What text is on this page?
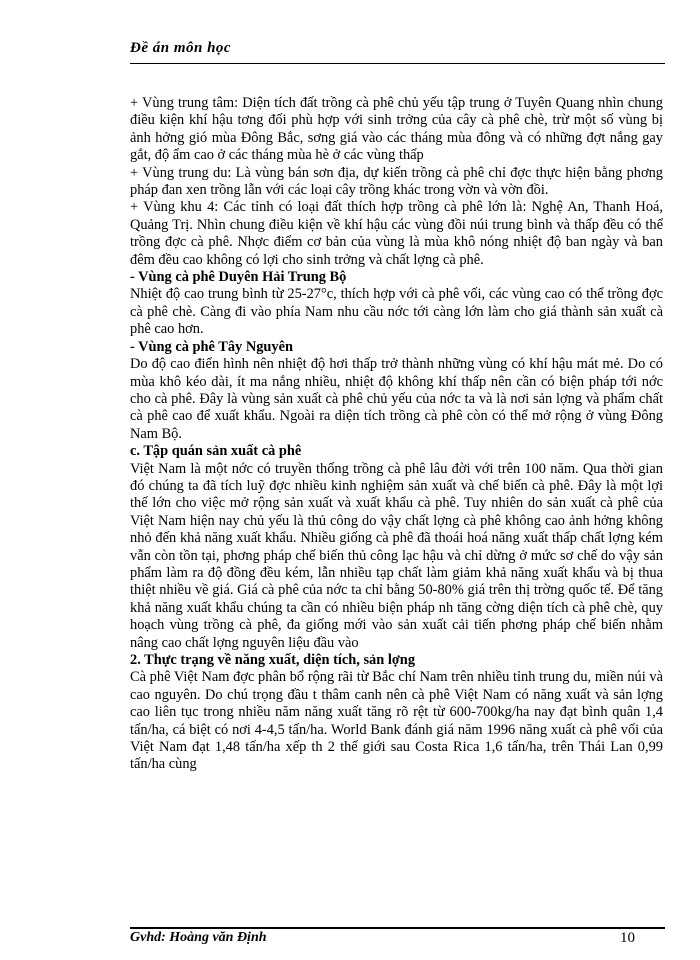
Đề án môn học

+ Vùng trung tâm: Diện tích đất trồng cà phê chủ yếu tập trung ở Tuyên Quang nhìn chung điều kiện khí hậu tơng đối phù hợp với sinh trởng của cây cà phê chè, trừ một số vùng bị ảnh hởng gió mùa Đông Bắc, sơng giá vào các tháng mùa đông và có những đợt nắng gay gắt, độ ẩm cao ở các tháng mùa hè ở các vùng thấp

+ Vùng trung du: Là vùng bán sơn địa, dự kiến trồng cà phê chỉ đợc thực hiện bằng phơng pháp đan xen trồng lẫn với các loại cây trồng khác trong vờn và vờn đồi.

+ Vùng khu 4: Các tỉnh có loại đất thích hợp trồng cà phê lớn là: Nghệ An, Thanh Hoá, Quảng Trị. Nhìn chung điều kiện về khí hậu các vùng đồi núi trung bình và thấp đều có thể trồng đợc cà phê. Nhợc điểm cơ bản của vùng là mùa khô nóng nhiệt độ ban ngày và ban đêm đều cao không có lợi cho sinh trởng và chất lợng cà phê.

- Vùng cà phê Duyên Hải Trung Bộ

Nhiệt độ cao trung bình từ 25-27°c, thích hợp với cà phê vối, các vùng cao có thể trồng đợc cà phê chè. Càng đi vào phía Nam nhu cầu nớc tới càng lớn làm cho giá thành sản xuất cà phê cao hơn.

- Vùng cà phê Tây Nguyên

Do độ cao điển hình nên nhiệt độ hơi thấp trở thành những vùng có khí hậu mát mẻ. Do có mùa khô kéo dài, ít ma nắng nhiều, nhiệt độ không khí thấp nên cần có biện pháp tới nớc cho cà phê. Đây là vùng sản xuất cà phê chủ yếu của nớc ta và là nơi sản lợng và phẩm chất cà phê cao để xuất khẩu. Ngoài ra diện tích trồng cà phê còn có thể mở rộng ở vùng Đông Nam Bộ.

c. Tập quán sản xuất cà phê

Việt Nam là một nớc có truyền thống trồng cà phê lâu đời với trên 100 năm. Qua thời gian đó chúng ta đã tích luỹ đợc nhiều kinh nghiệm sản xuất và chế biến cà phê. Đây là một lợi thế lớn cho việc mở rộng sản xuất và xuất khẩu cà phê. Tuy nhiên do sản xuất cà phê của Việt Nam hiện nay chủ yếu là thủ công do vậy chất lợng cà phê không cao ảnh hởng không nhỏ đến khả năng xuất khẩu. Nhiều giống cà phê đã thoái hoá năng xuất thấp chất lợng kém vẫn còn tồn tại, phơng pháp chế biến thủ công lạc hậu và chỉ dừng ở mức sơ chế do vậy sản phẩm làm ra độ đồng đều kém, lẫn nhiều tạp chất làm giảm khả năng xuất khẩu và bị thua thiệt nhiều về giá. Giá cà phê của nớc ta chỉ bằng 50-80% giá trên thị trờng quốc tế. Để tăng khả năng xuất khẩu chúng ta cần có nhiều biện pháp nh tăng cờng diện tích cà phê chè, quy hoạch vùng trồng cà phê, đa giống mới vào sản xuất cải tiến phơng pháp chế biến nhằm nâng cao chất lợng nguyên liệu đầu vào

2. Thực trạng về năng xuất, diện tích, sản lợng

Cà phê Việt Nam đợc phân bổ rộng rãi từ Bắc chí Nam trên nhiều tỉnh trung du, miền núi và cao nguyên. Do chú trọng đầu t thâm canh nên cà phê Việt Nam có năng xuất và sản lợng cao liên tục trong nhiều năm năng xuất tăng rõ rệt từ 600-700kg/ha nay đạt bình quân 1,4 tấn/ha, cá biệt có nơi 4-4,5 tấn/ha. World Bank đánh giá năm 1996 năng xuất cà phê vối của Việt Nam đạt 1,48 tấn/ha xếp th 2 thế giới sau Costa Rica 1,6 tấn/ha, trên Thái Lan 0,99 tấn/ha cùng

Gvhd: Hoàng văn Định	10
